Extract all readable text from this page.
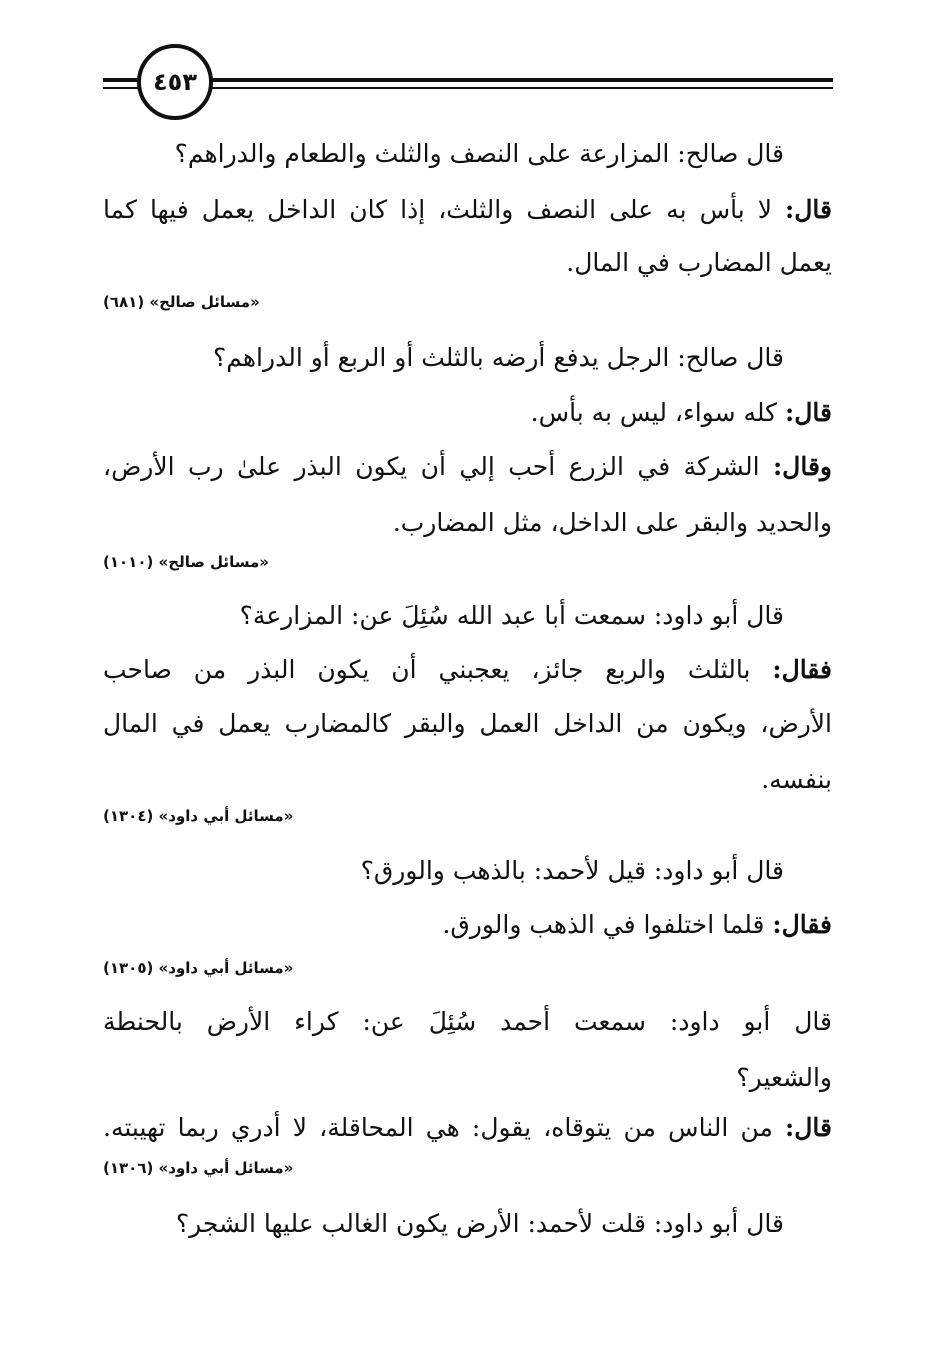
٤٥٣
قال صالح: المزارعة على النصف والثلث والطعام والدراهم؟
قال: لا بأس به على النصف والثلث، إذا كان الداخل يعمل فيها كما
يعمل المضارب في المال.
«مسائل صالح» (٦٨١)
قال صالح: الرجل يدفع أرضه بالثلث أو الربع أو الدراهم؟
قال: كله سواء، ليس به بأس.
وقال: الشركة في الزرع أحب إلي أن يكون البذر علىٰ رب الأرض،
والحديد والبقر على الداخل، مثل المضارب.
«مسائل صالح» (١٠١٠)
قال أبو داود: سمعت أبا عبد الله سُئِلَ عن: المزارعة؟
فقال: بالثلث والربع جائز، يعجبني أن يكون البذر من صاحب
الأرض، ويكون من الداخل العمل والبقر كالمضارب يعمل في المال
بنفسه.
«مسائل أبي داود» (١٣٠٤)
قال أبو داود: قيل لأحمد: بالذهب والورق؟
فقال: قلما اختلفوا في الذهب والورق.
«مسائل أبي داود» (١٣٠٥)
قال أبو داود: سمعت أحمد سُئِلَ عن: كراء الأرض بالحنطة
والشعير؟
قال: من الناس من يتوقاه، يقول: هي المحاقلة، لا أدري ربما تهيبته.
«مسائل أبي داود» (١٣٠٦)
قال أبو داود: قلت لأحمد: الأرض يكون الغالب عليها الشجر؟
